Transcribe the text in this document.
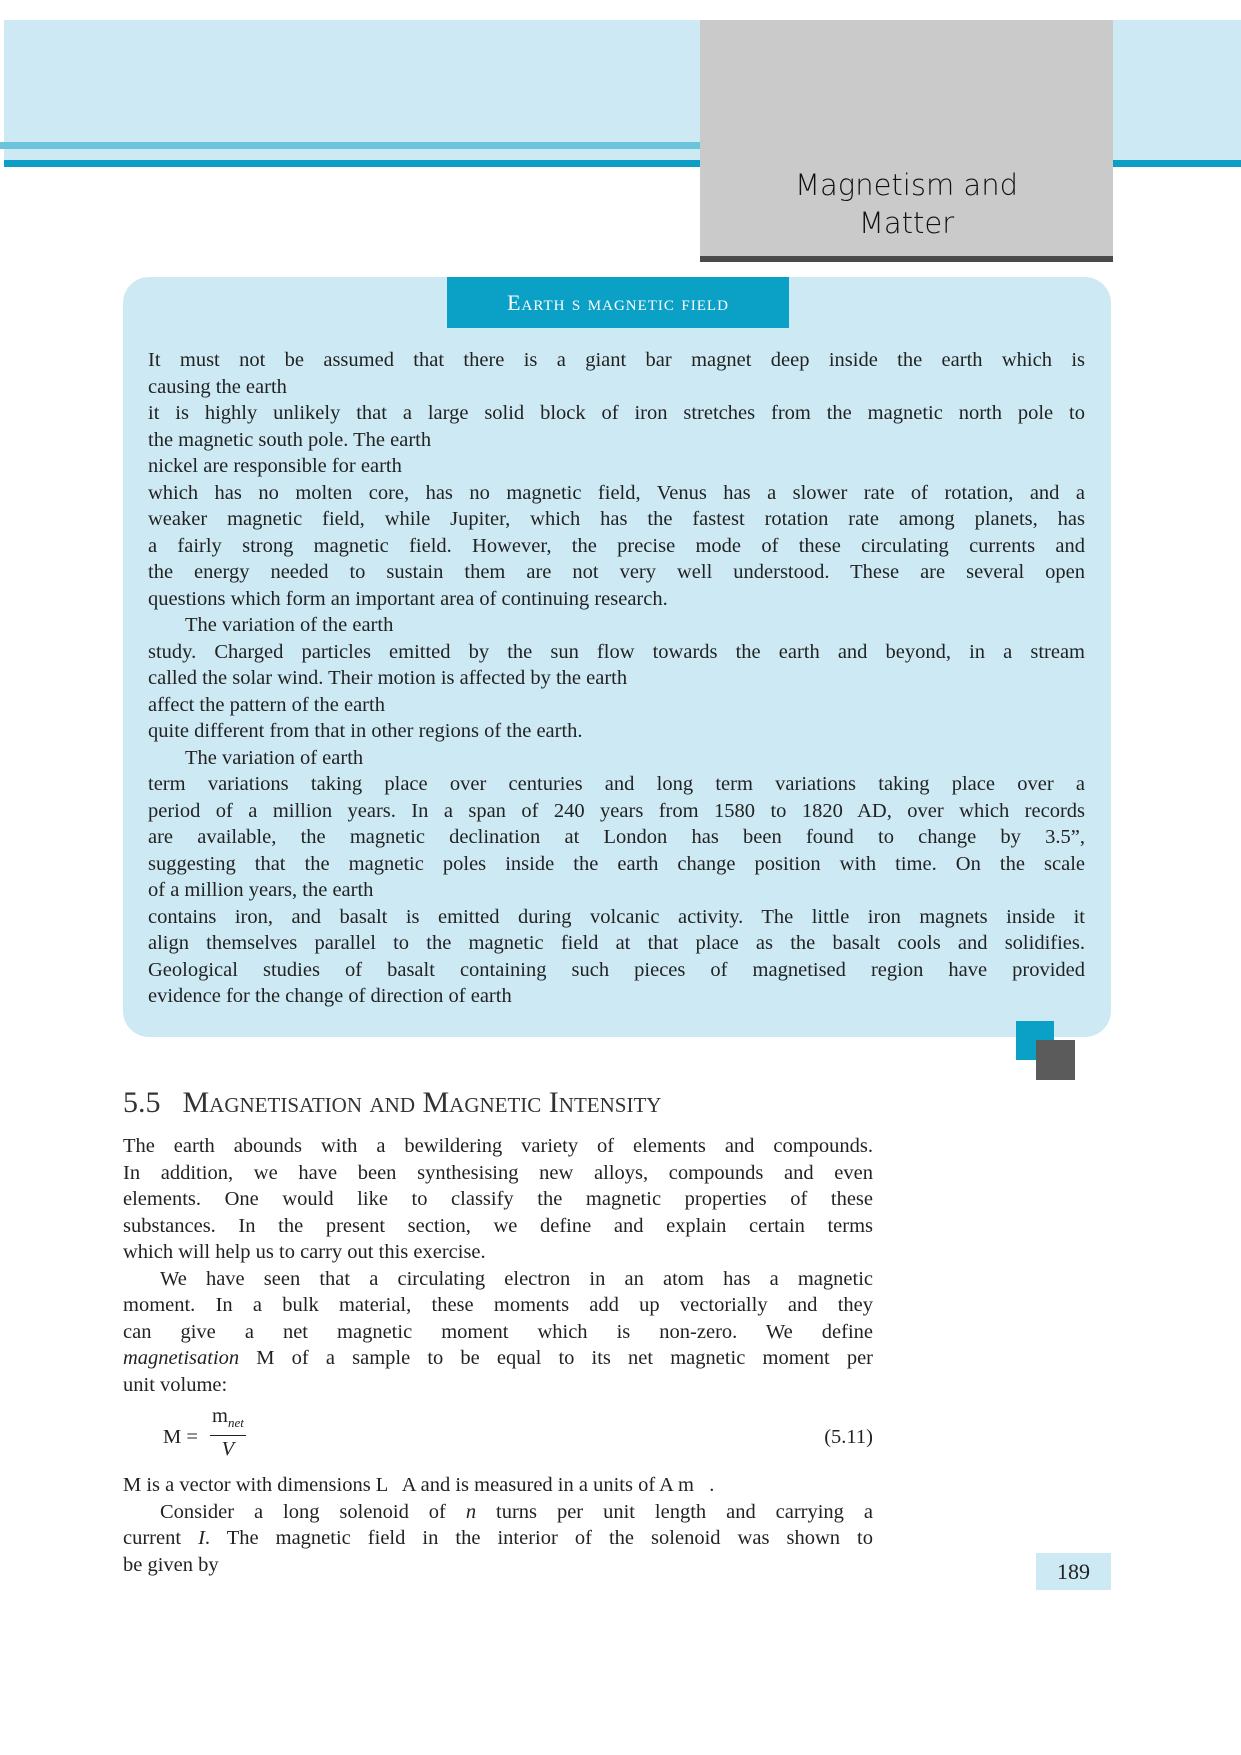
Magnetism and
Matter
Earth s magnetic field
It must not be assumed that there is a giant bar magnet deep inside the earth which is
causing the earth
it is highly unlikely that a large solid block of iron stretches from the magnetic north pole to
the magnetic south pole. The earth
nickel are responsible for earth
which has no molten core, has no magnetic field, Venus has a slower rate of rotation, and a
weaker magnetic field, while Jupiter, which has the fastest rotation rate among planets, has
a fairly strong magnetic field. However, the precise mode of these circulating currents and
the energy needed to sustain them are not very well understood. These are several open
questions which form an important area of continuing research.
The variation of the earth
study. Charged particles emitted by the sun flow towards the earth and beyond, in a stream
called the solar wind. Their motion is affected by the earth
affect the pattern of the earth
quite different from that in other regions of the earth.
The variation of earth
term variations taking place over centuries and long term variations taking place over a
period of a million years. In a span of 240 years from 1580 to 1820 AD, over which records
are available, the magnetic declination at London has been found to change by 3.5”,
suggesting that the magnetic poles inside the earth change position with time. On the scale
of a million years, the earth
contains iron, and basalt is emitted during volcanic activity. The little iron magnets inside it
align themselves parallel to the magnetic field at that place as the basalt cools and solidifies.
Geological studies of basalt containing such pieces of magnetised region have provided
evidence for the change of direction of earth
5.5 Magnetisation and Magnetic Intensity
The earth abounds with a bewildering variety of elements and compounds.
In addition, we have been synthesising new alloys, compounds and even
elements. One would like to classify the magnetic properties of these
substances. In the present section, we define and explain certain terms
which will help us to carry out this exercise.
We have seen that a circulating electron in an atom has a magnetic
moment. In a bulk material, these moments add up vectorially and they
can give a net magnetic moment which is non-zero. We define
magnetisation M of a sample to be equal to its net magnetic moment per
unit volume:
M =
$m_{net}$
V
(5.11)
M is a vector with dimensions L   A and is measured in a units of A m   .
Consider a long solenoid of n turns per unit length and carrying a
current I. The magnetic field in the interior of the solenoid was shown to
be given by	189
